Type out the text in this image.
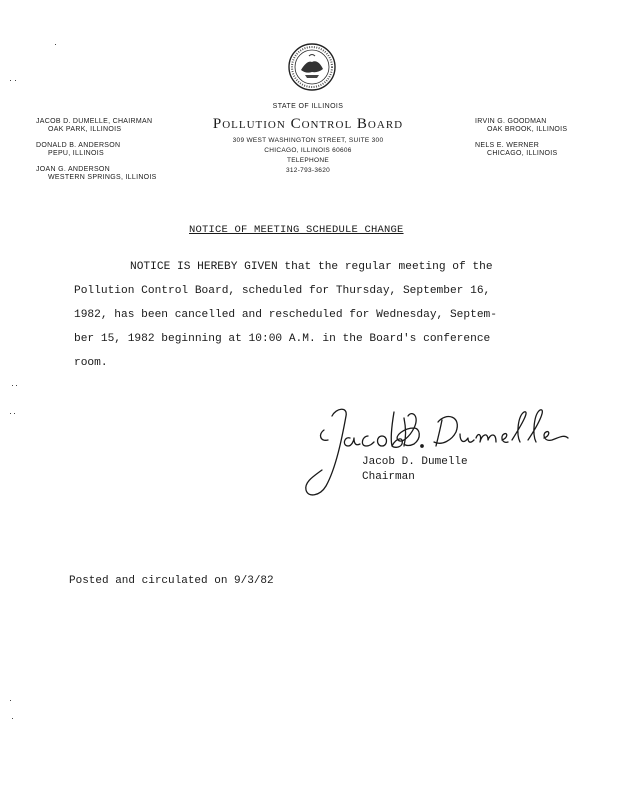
STATE OF ILLINOIS
Pollution Control Board
309 WEST WASHINGTON STREET, SUITE 300
CHICAGO, ILLINOIS 60606
TELEPHONE
312-793-3620
JACOB D. DUMELLE, CHAIRMAN
OAK PARK, ILLINOIS
DONALD B. ANDERSON
PEPU, ILLINOIS
JOAN G. ANDERSON
WESTERN SPRINGS, ILLINOIS
IRVIN G. GOODMAN
OAK BROOK, ILLINOIS
NELS E. WERNER
CHICAGO, ILLINOIS
NOTICE OF MEETING SCHEDULE CHANGE
NOTICE IS HEREBY GIVEN that the regular meeting of the
Pollution Control Board, scheduled for Thursday, September 16,
1982, has been cancelled and rescheduled for Wednesday, Septem-
ber 15, 1982 beginning at 10:00 A.M. in the Board's conference
room.
Jacob D. Dumelle
Chairman
Posted and circulated on 9/3/82
